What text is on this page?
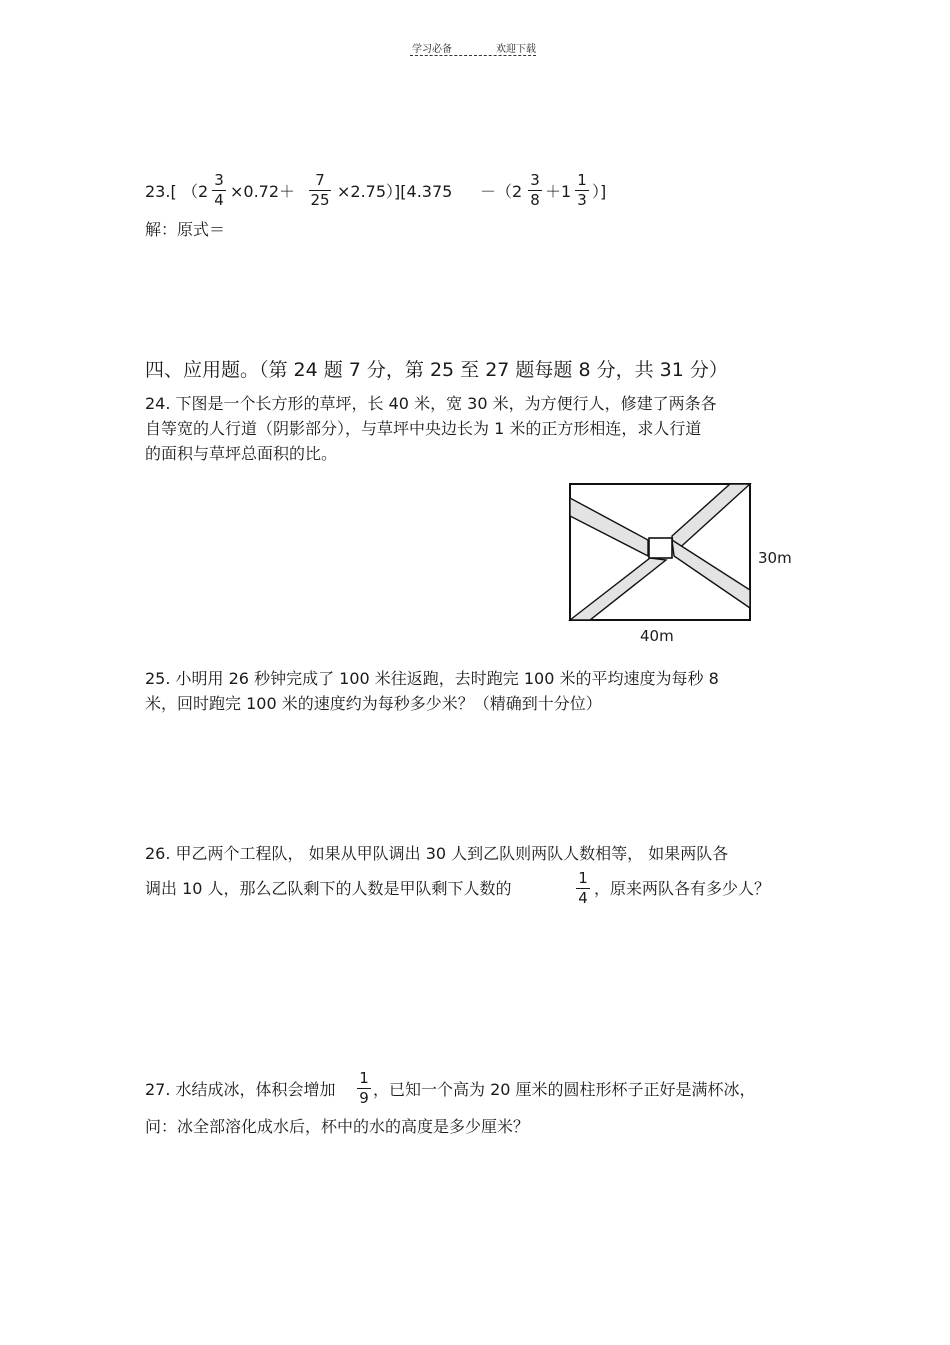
学习必备	欢迎下载
23.[ （2
3
4 ×0.72＋
7
25 ×2.75）][4.375 －（2
3
8 ＋1
1
3 ）]
解：原式＝
四、应用题。（第 24 题 7 分，第 25 至 27 题每题 8 分，共 31 分）
24. 下图是一个长方形的草坪，长 40 米，宽 30 米，为方便行人，修建了两条各
自等宽的人行道（阴影部分），与草坪中央边长为 1 米的正方形相连，求人行道
的面积与草坪总面积的比。
30m
40m
25. 小明用 26 秒钟完成了 100 米往返跑，去时跑完 100 米的平均速度为每秒 8
米，回时跑完 100 米的速度约为每秒多少米？（精确到十分位）
26. 甲乙两个工程队， 如果从甲队调出 30 人到乙队则两队人数相等， 如果两队各
调出 10 人，那么乙队剩下的人数是甲队剩下人数的
1
4 ，原来两队各有多少人？
27. 水结成冰，体积会增加
1
9 ，已知一个高为 20 厘米的圆柱形杯子正好是满杯冰，
问：冰全部溶化成水后，杯中的水的高度是多少厘米？
